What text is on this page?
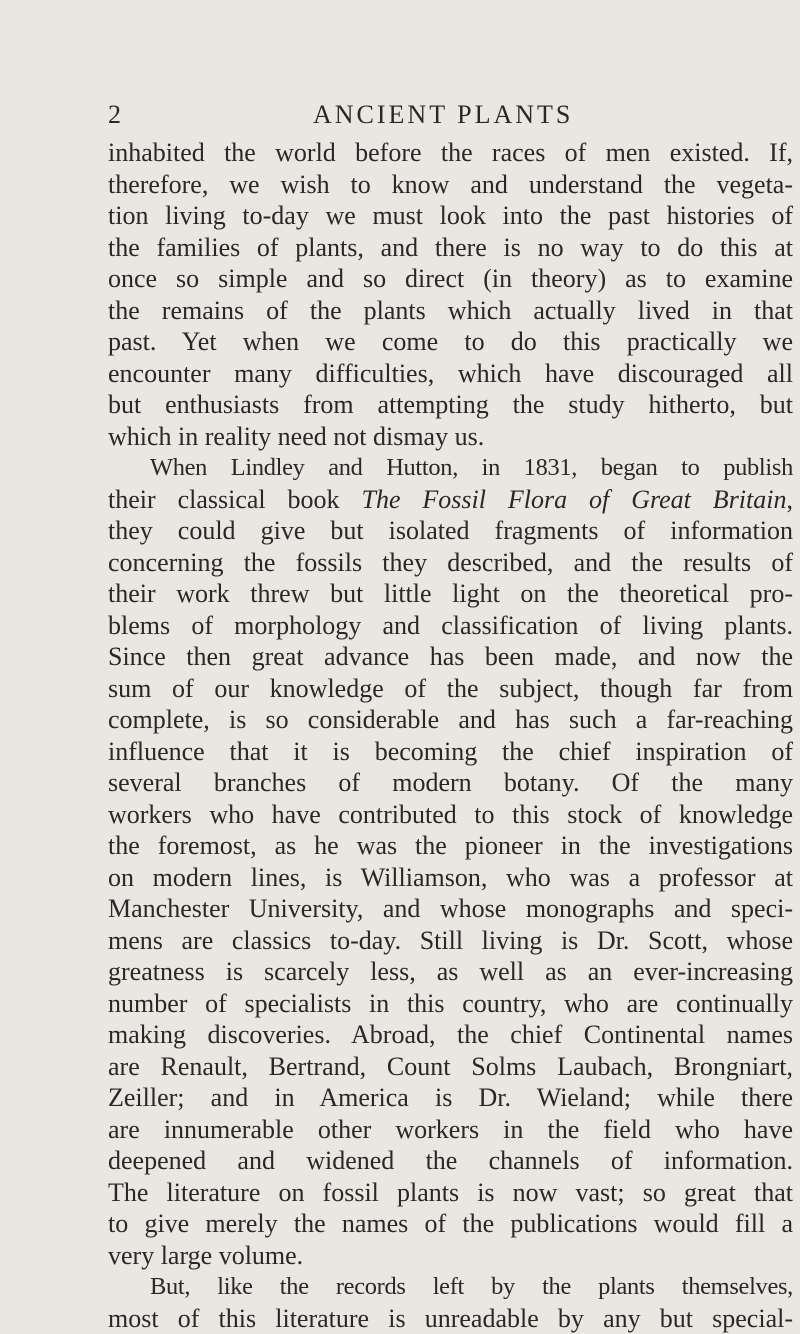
2	ANCIENT PLANTS
inhabited the world before the races of men existed. If,
therefore, we wish to know and understand the vegeta-
tion living to-day we must look into the past histories of
the families of plants, and there is no way to do this at
once so simple and so direct (in theory) as to examine
the remains of the plants which actually lived in that
past. Yet when we come to do this practically we
encounter many difficulties, which have discouraged all
but enthusiasts from attempting the study hitherto, but
which in reality need not dismay us.
When Lindley and Hutton, in 1831, began to publish
their classical book The Fossil Flora of Great Britain,
they could give but isolated fragments of information
concerning the fossils they described, and the results of
their work threw but little light on the theoretical pro-
blems of morphology and classification of living plants.
Since then great advance has been made, and now the
sum of our knowledge of the subject, though far from
complete, is so considerable and has such a far-reaching
influence that it is becoming the chief inspiration of
several branches of modern botany. Of the many
workers who have contributed to this stock of knowledge
the foremost, as he was the pioneer in the investigations
on modern lines, is Williamson, who was a professor at
Manchester University, and whose monographs and speci-
mens are classics to-day. Still living is Dr. Scott, whose
greatness is scarcely less, as well as an ever-increasing
number of specialists in this country, who are continually
making discoveries. Abroad, the chief Continental names
are Renault, Bertrand, Count Solms Laubach, Brongniart,
Zeiller; and in America is Dr. Wieland; while there
are innumerable other workers in the field who have
deepened and widened the channels of information.
The literature on fossil plants is now vast; so great that
to give merely the names of the publications would fill a
very large volume.
But, like the records left by the plants themselves,
most of this literature is unreadable by any but special-
